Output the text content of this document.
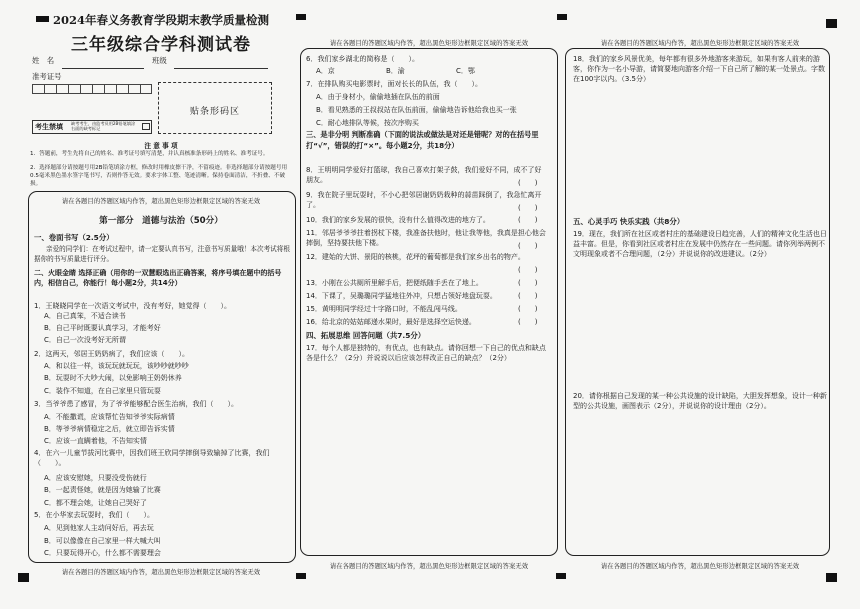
2024年春义务教育学段期末教学质量检测
三年级综合学科测试卷
姓　名	班级
准考证号
贴条形码区
考生禁填 缺考考生，由监考员用2B铅笔填涂右面的缺考标记
注 意 事 项
1．答题前，考生先将自己的姓名、准考证号填写清楚，并认真核准条形码上的姓名、准考证号。
2．选择题部分请按题号用2B铅笔填涂方框，修改时用橡皮擦干净，不留痕迹。非选择题部分请按题号用0.5毫米黑色墨水签字笔书写，否则作答无效。要求字体工整、笔迹清晰。保持卷面清洁，不折叠、不破损。
请在各题目的答题区域内作答，超出黑色矩形边框限定区域的答案无效
第一部分　道德与法治（50分）
一、卷面书写（2.5分）
亲爱的同学们：在考试过程中，请一定要认真书写，注意书写质量哦！本次考试将根据你的书写质量进行评分。
二、火眼金睛 选择正确（用你的一双慧眼选出正确答案，将序号填在题中的括号内，相信自己，你能行！每小题2分，共14分）
1．王晓晓同学在一次语文考试中，没有考好，她觉得（　　）。
A．自己真笨，不适合读书
B．自己平时既要认真学习，才能考好
C．自己一次没考好无所谓
2．这两天，邻居王奶奶病了，我们应该（　　）。
A．和以往一样，该玩玩就玩玩，该吵吵就吵吵
B．玩耍时不大吵大闹，以免影响王奶奶休养
C．装作不知道，在自己家里只管玩耍
3．当爷爷患了感冒，为了爷爷能够配合医生治病，我们（　　）。
A．不能撒谎，应该帮忙告知爷爷实际病情
B．等爷爷病情稳定之后，就立即告诉实情
C．应该一直瞒着他，不告知实情
4．在六一儿童节拔河比赛中，因我们班王欣同学摔倒导致输掉了比赛，我们（　　）。
A．应该安慰她，只要没受伤就行
B．一起责怪她，就是因为她输了比赛
C．都不理会她，让她自己哭好了
5．在小华家去玩耍时，我们（　　）。
A．见到他家人主动问好后，再去玩
B．可以像像在自己家里一样大喊大叫
C．只要玩得开心，什么都不需要理会
请在各题目的答题区域内作答，超出黑色矩形边框限定区域的答案无效
请在各题目的答题区域内作答，超出黑色矩形边框限定区域的答案无效
6．我们家乡湖北的简称是（　　）。
A．京	B．渝	C．鄂
7．在排队购买电影票时，面对长长的队伍，我（　　）。
A．由于身材小，偷偷地插在队伍的前面
B．看见熟悉的王叔叔站在队伍前面，偷偷地告诉他给我也买一张
C．耐心地排队等候，按次序购买
三、是非分明 判断准确（下面的说法或做法是对还是错呢？对的在括号里打“√”，错误的打“×”。每小题2分，共18分）
8．王明明同学爱好打篮球，我自己喜欢打架子鼓，我们爱好不同，成不了好朋友。
9．我在院子里玩耍时，不小心把邻居谢奶奶栽种的蒜苗踩倒了，我急忙离开了。
10．我们的家乡发展的很快，没有什么值得改进的地方了。
11．邻居爷爷爷拄着拐杖下楼，我准备扶他时，他让我等他，我真是担心他会摔倒，坚持要扶他下楼。
12．建始的大饼、景阳的核桃，花坪的葡萄都是我们家乡出名的物产。
13．小刚在公共厕所里解手后，把便纸随手丢在了地上。
14．下课了，吴璐璐同学猛地往外冲，只想占领好地盘玩耍。
15．黄明明同学经过十字路口时，不能乱闯马线。
16．给北京的姑姑邮递水果时，最好是选择空运快递。
(　　)
(　　)
(　　)
(　　)
(　　)
(　　)
(　　)
(　　)
(　　)
四、拓展思维 回答问题（共7.5分）
17．每个人都是独特的，有优点，也有缺点。请你回想一下自己的优点和缺点各是什么？（2分）并说说以后应该怎样改正自己的缺点？（2分）
请在各题目的答题区域内作答，超出黑色矩形边框限定区域的答案无效
请在各题目的答题区域内作答，超出黑色矩形边框限定区域的答案无效
18．我们的家乡风景优美，每年都有很多外地游客来游玩，如果有客人前来的游客，你作为一名小导游，请简要地向游客介绍一下自己所了解的某一处景点。字数在100字以内。（3.5分）
五、心灵手巧 快乐实践（共8分）
19．现在，我们所在社区或者村庄的基础建设日趋完善，人们的精神文化生活也日益丰富。但是，你看到社区或者村庄在发展中仍然存在一些问题。请你列举两例不文明现象或者不合理问题，（2分）并说说你的改进建议。（2分）
20．请你根据自己发现的某一种公共设施的设计缺陷，大胆发挥想象，设计一种新型的公共设施，画图表示（2分），并说说你的设计理由（2分）。
请在各题目的答题区域内作答，超出黑色矩形边框限定区域的答案无效
